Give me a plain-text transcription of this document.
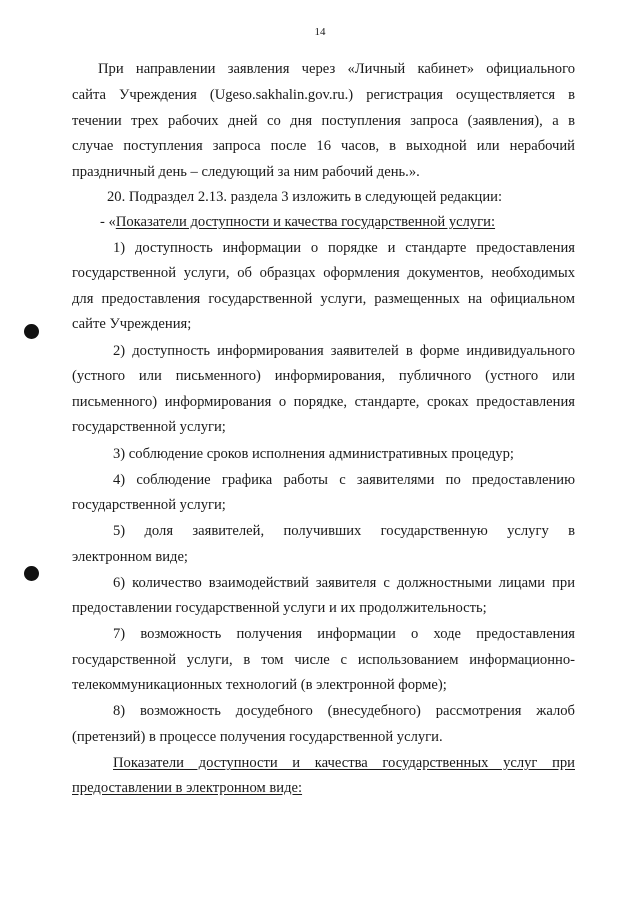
14
При направлении заявления через «Личный кабинет» официального
сайта Учреждения (Ugeso.sakhalin.gov.ru.) регистрация осуществляется в
течении трех рабочих дней со дня поступления запроса (заявления), а в
случае поступления запроса после 16 часов, в выходной или нерабочий
праздничный день – следующий за ним рабочий день.».
20. Подраздел 2.13. раздела 3 изложить в следующей редакции:
- «Показатели доступности и качества государственной услуги:
1) доступность информации о порядке и стандарте предоставления
государственной услуги, об образцах оформления документов, необходимых
для предоставления государственной услуги, размещенных на официальном
сайте Учреждения;
2) доступность информирования заявителей в форме индивидуального
(устного или письменного) информирования, публичного (устного или
письменного) информирования о порядке, стандарте, сроках предоставления
государственной услуги;
3) соблюдение сроков исполнения административных процедур;
4) соблюдение графика работы с заявителями по предоставлению
государственной услуги;
5) доля заявителей, получивших государственную услугу в
электронном виде;
6) количество взаимодействий заявителя с должностными лицами при
предоставлении государственной услуги и их продолжительность;
7) возможность получения информации о ходе предоставления
государственной услуги, в том числе с использованием информационно-
телекоммуникационных технологий (в электронной форме);
8) возможность досудебного (внесудебного) рассмотрения жалоб
(претензий) в процессе получения государственной услуги.
Показатели доступности и качества государственных услуг при
предоставлении в электронном виде:
